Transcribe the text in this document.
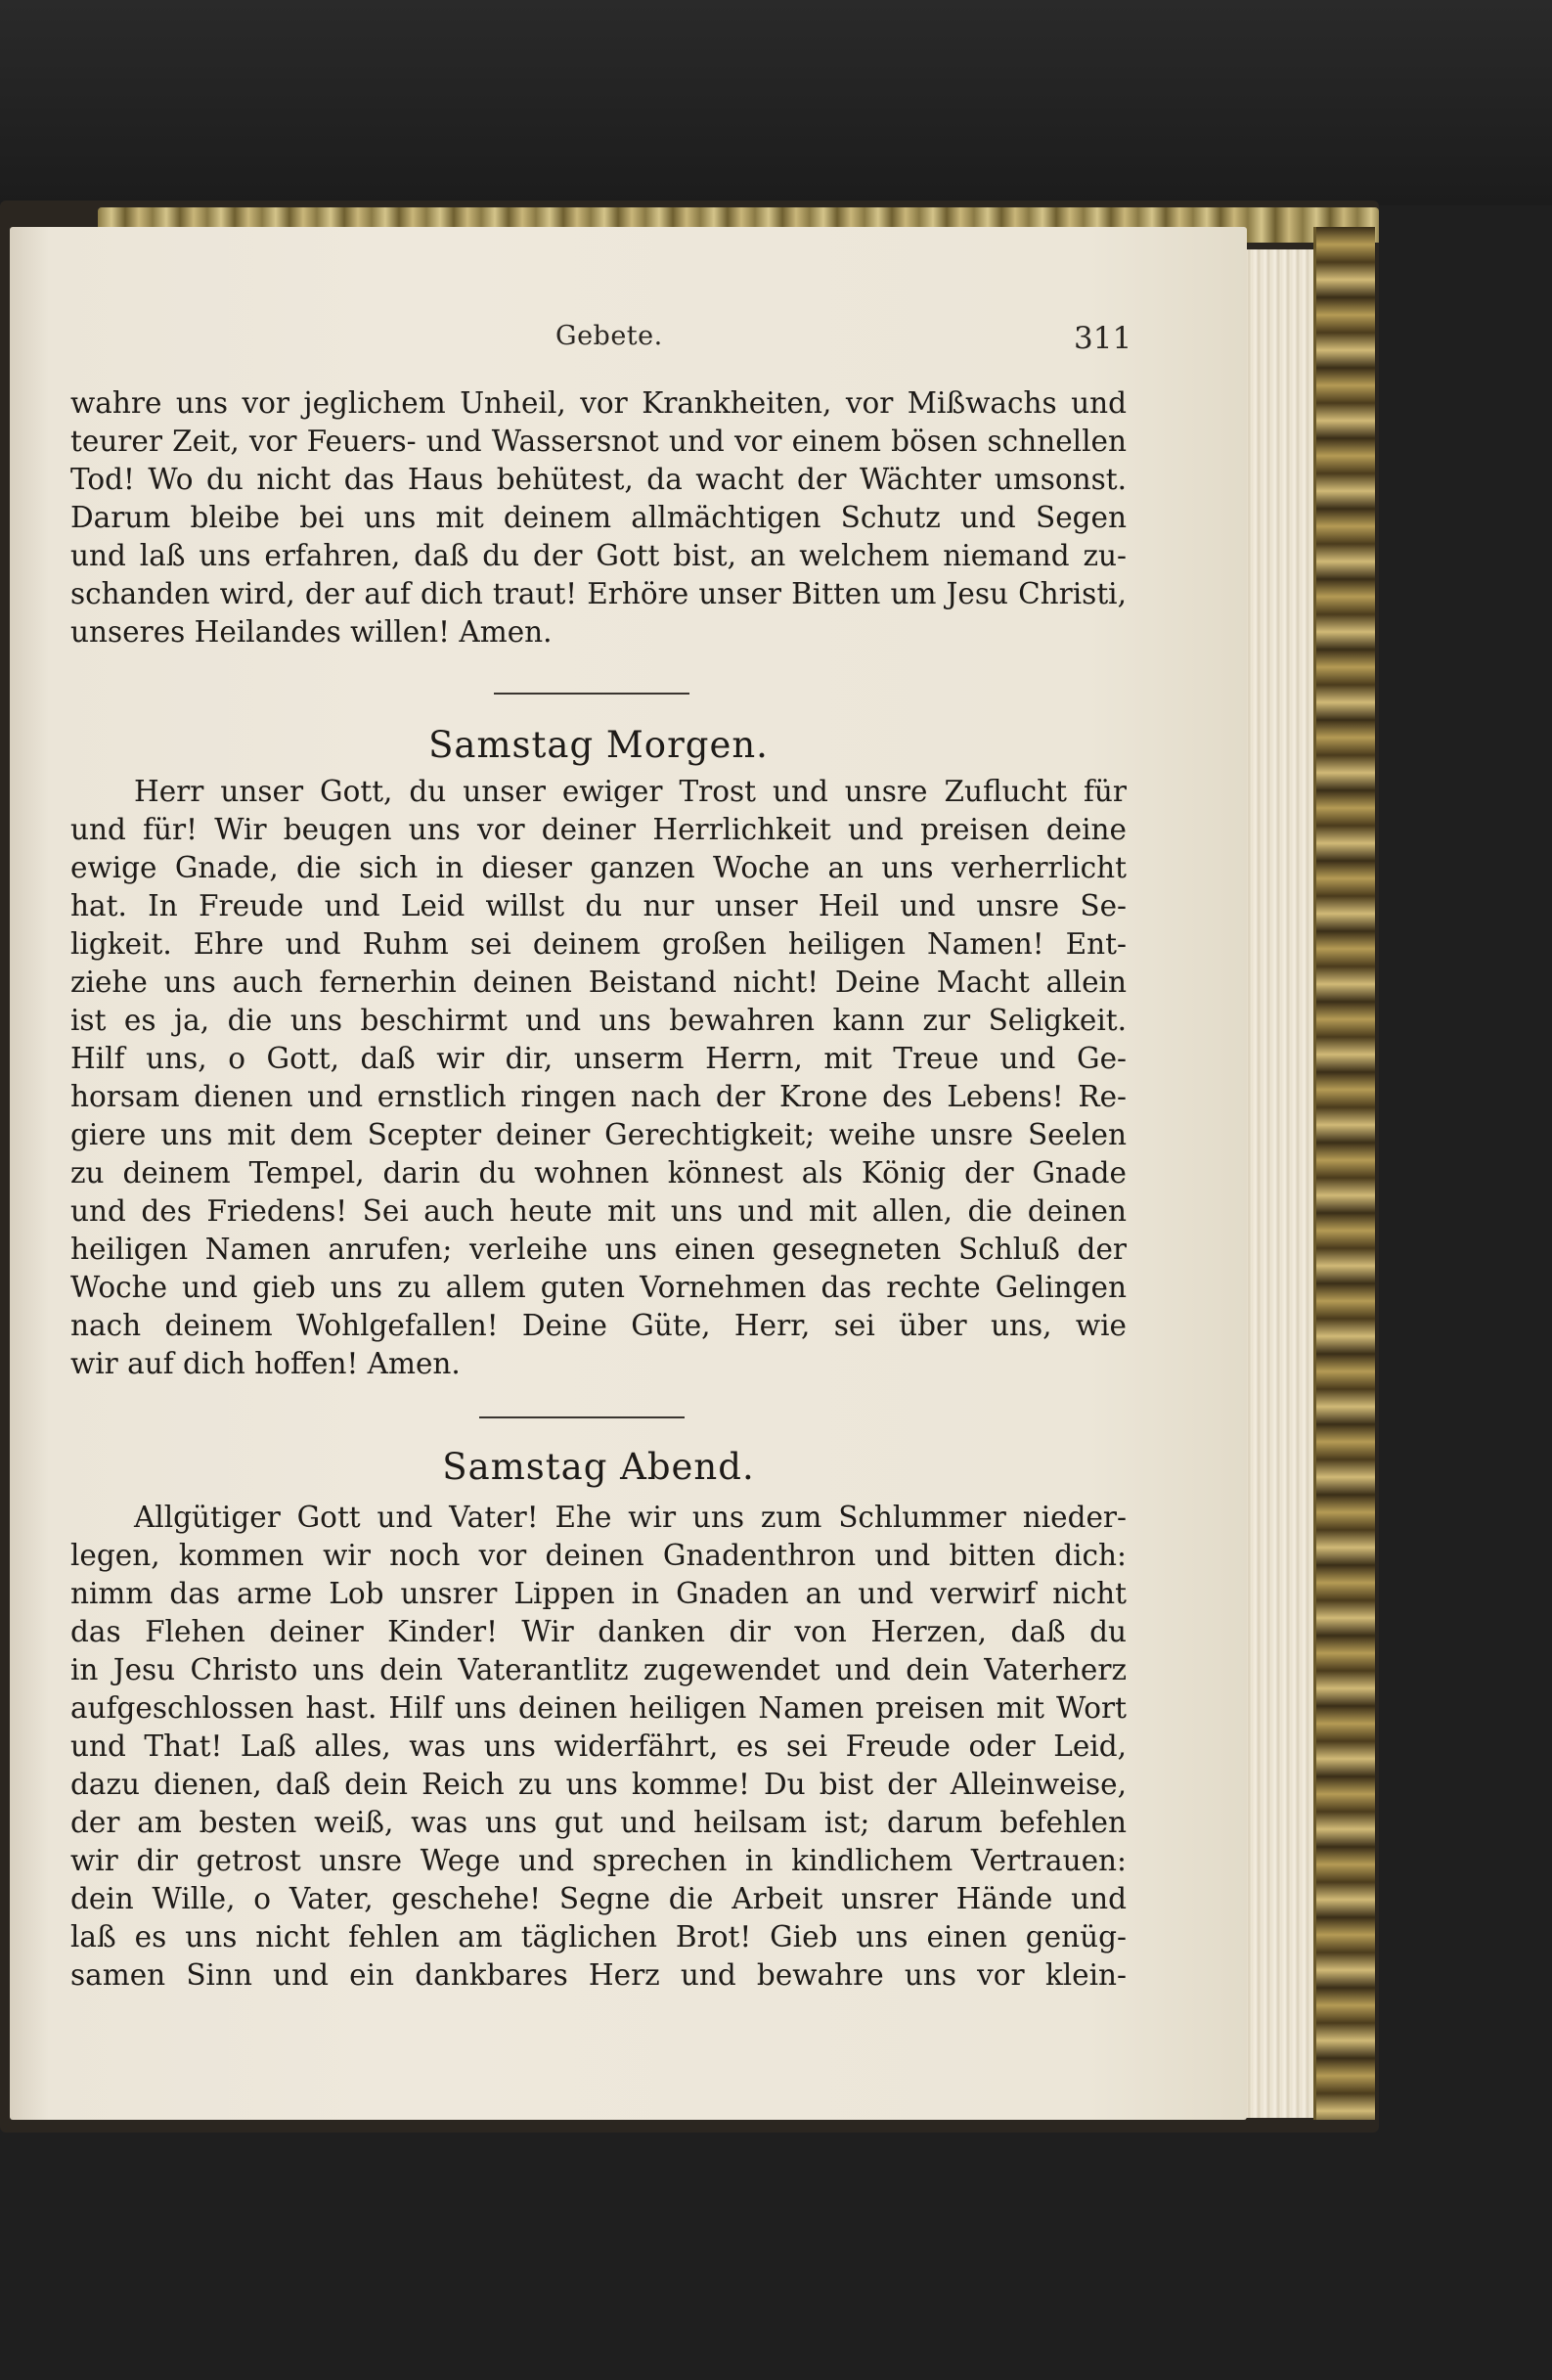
Gebete.	311
wahre uns vor jeglichem Unheil, vor Krankheiten, vor Mißwachs und
teurer Zeit, vor Feuers- und Wassersnot und vor einem bösen schnellen
Tod! Wo du nicht das Haus behütest, da wacht der Wächter umsonst.
Darum bleibe bei uns mit deinem allmächtigen Schutz und Segen
und laß uns erfahren, daß du der Gott bist, an welchem niemand zu-
schanden wird, der auf dich traut! Erhöre unser Bitten um Jesu Christi,
unseres Heilandes willen! Amen.
Samstag Morgen.
Herr unser Gott, du unser ewiger Trost und unsre Zuflucht für
und für! Wir beugen uns vor deiner Herrlichkeit und preisen deine
ewige Gnade, die sich in dieser ganzen Woche an uns verherrlicht
hat. In Freude und Leid willst du nur unser Heil und unsre Se-
ligkeit. Ehre und Ruhm sei deinem großen heiligen Namen! Ent-
ziehe uns auch fernerhin deinen Beistand nicht! Deine Macht allein
ist es ja, die uns beschirmt und uns bewahren kann zur Seligkeit.
Hilf uns, o Gott, daß wir dir, unserm Herrn, mit Treue und Ge-
horsam dienen und ernstlich ringen nach der Krone des Lebens! Re-
giere uns mit dem Scepter deiner Gerechtigkeit; weihe unsre Seelen
zu deinem Tempel, darin du wohnen könnest als König der Gnade
und des Friedens! Sei auch heute mit uns und mit allen, die deinen
heiligen Namen anrufen; verleihe uns einen gesegneten Schluß der
Woche und gieb uns zu allem guten Vornehmen das rechte Gelingen
nach deinem Wohlgefallen! Deine Güte, Herr, sei über uns, wie
wir auf dich hoffen! Amen.
Samstag Abend.
Allgütiger Gott und Vater! Ehe wir uns zum Schlummer nieder-
legen, kommen wir noch vor deinen Gnadenthron und bitten dich:
nimm das arme Lob unsrer Lippen in Gnaden an und verwirf nicht
das Flehen deiner Kinder! Wir danken dir von Herzen, daß du
in Jesu Christo uns dein Vaterantlitz zugewendet und dein Vaterherz
aufgeschlossen hast. Hilf uns deinen heiligen Namen preisen mit Wort
und That! Laß alles, was uns widerfährt, es sei Freude oder Leid,
dazu dienen, daß dein Reich zu uns komme! Du bist der Alleinweise,
der am besten weiß, was uns gut und heilsam ist; darum befehlen
wir dir getrost unsre Wege und sprechen in kindlichem Vertrauen:
dein Wille, o Vater, geschehe! Segne die Arbeit unsrer Hände und
laß es uns nicht fehlen am täglichen Brot! Gieb uns einen genüg-
samen Sinn und ein dankbares Herz und bewahre uns vor klein-
